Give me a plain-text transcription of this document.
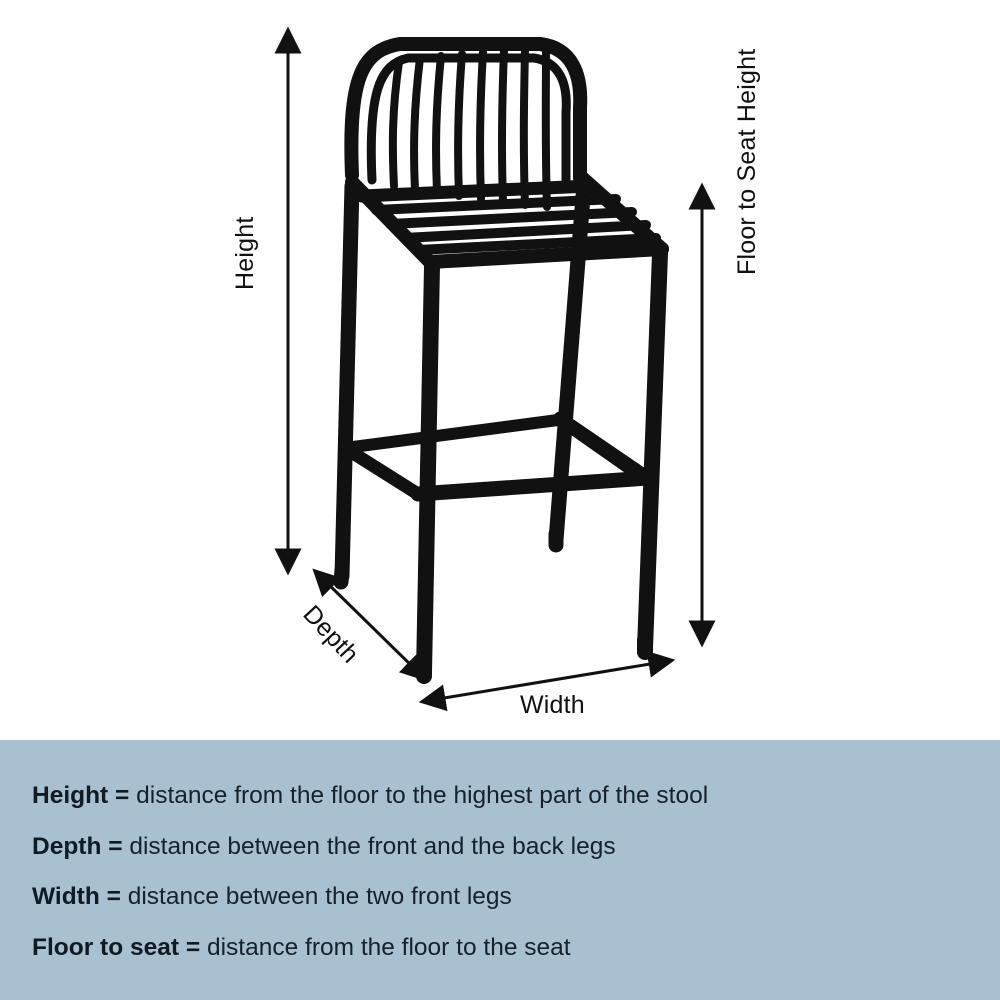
Height	Floor to Seat Height
Depth
Width
Height = distance from the floor to the highest part of the stool
Depth = distance between the front and the back legs
Width = distance between the two front legs
Floor to seat = distance from the floor to the seat
